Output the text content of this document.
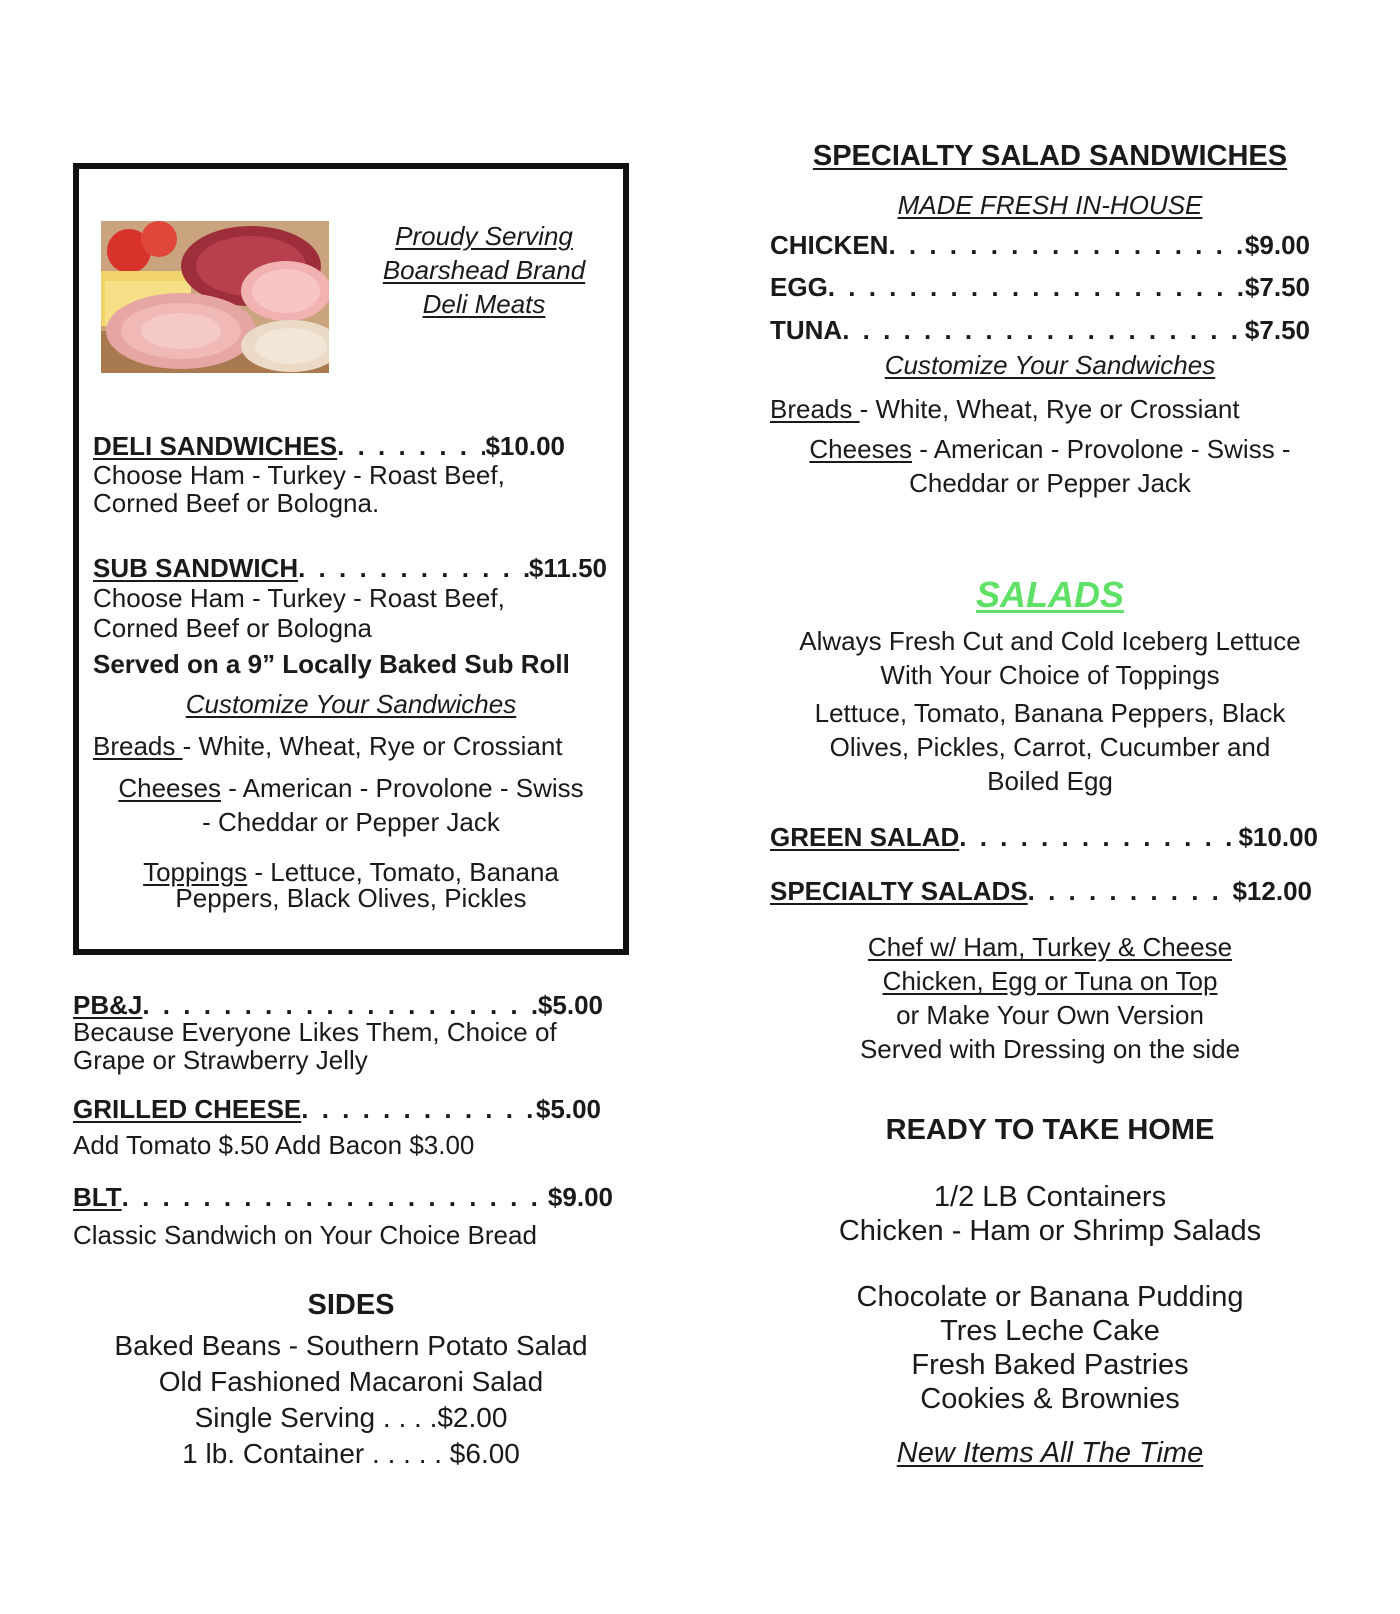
Proudy Serving
Boarshead Brand
Deli Meats
DELI SANDWICHES . . .	$10.00
Choose Ham - Turkey - Roast Beef,
Corned Beef or Bologna.
SUB SANDWICH . . .	$11.50
Choose Ham - Turkey - Roast Beef,
Corned Beef or Bologna
Served on a 9” Locally Baked Sub Roll
Customize Your Sandwiches
Breads - White, Wheat, Rye or Crossiant
Cheeses - American - Provolone - Swiss
- Cheddar or Pepper Jack
Toppings - Lettuce, Tomato, Banana
Peppers, Black Olives, Pickles
PB&J . . .	$5.00
Because Everyone Likes Them, Choice of
Grape or Strawberry Jelly
GRILLED CHEESE . . .	$5.00
Add Tomato $.50 Add Bacon $3.00
BLT . . .	$9.00
Classic Sandwich on Your Choice Bread
SIDES
Baked Beans - Southern Potato Salad
Old Fashioned Macaroni Salad
Single Serving . . . .$2.00
1 lb. Container . . . . . $6.00
SPECIALTY SALAD SANDWICHES
MADE FRESH IN-HOUSE
CHICKEN . . .	$9.00
EGG . . .	$7.50
TUNA . . .	$7.50
Customize Your Sandwiches
Breads - White, Wheat, Rye or Crossiant
Cheeses - American - Provolone - Swiss -
Cheddar or Pepper Jack
SALADS
Always Fresh Cut and Cold Iceberg Lettuce
With Your Choice of Toppings
Lettuce, Tomato, Banana Peppers, Black
Olives, Pickles, Carrot, Cucumber and
Boiled Egg
GREEN SALAD . . .	$10.00
SPECIALTY SALADS . . .	$12.00
Chef w/ Ham, Turkey & Cheese
Chicken, Egg or Tuna on Top
or Make Your Own Version
Served with Dressing on the side
READY TO TAKE HOME
1/2 LB Containers
Chicken - Ham or Shrimp Salads
Chocolate or Banana Pudding
Tres Leche Cake
Fresh Baked Pastries
Cookies & Brownies
New Items All The Time
